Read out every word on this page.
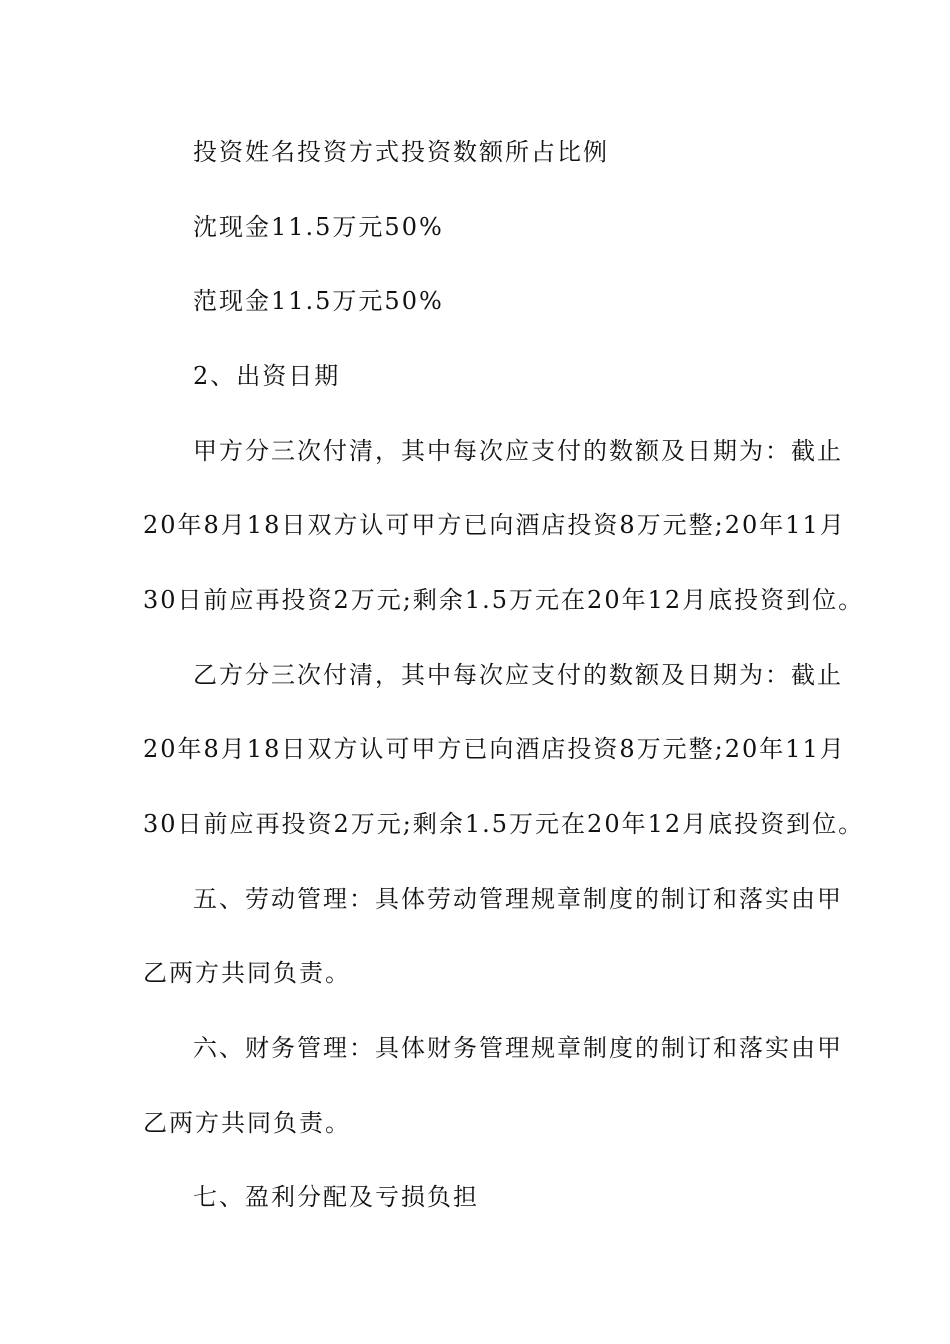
投资姓名投资方式投资数额所占比例
沈现金11.5万元50%
范现金11.5万元50%
2、出资日期
甲方分三次付清，其中每次应支付的数额及日期为：截止
20年8月18日双方认可甲方已向酒店投资8万元整;20年11月
30日前应再投资2万元;剩余1.5万元在20年12月底投资到位。
乙方分三次付清，其中每次应支付的数额及日期为：截止
20年8月18日双方认可甲方已向酒店投资8万元整;20年11月
30日前应再投资2万元;剩余1.5万元在20年12月底投资到位。
五、劳动管理：具体劳动管理规章制度的制订和落实由甲
乙两方共同负责。
六、财务管理：具体财务管理规章制度的制订和落实由甲
乙两方共同负责。
七、盈利分配及亏损负担
